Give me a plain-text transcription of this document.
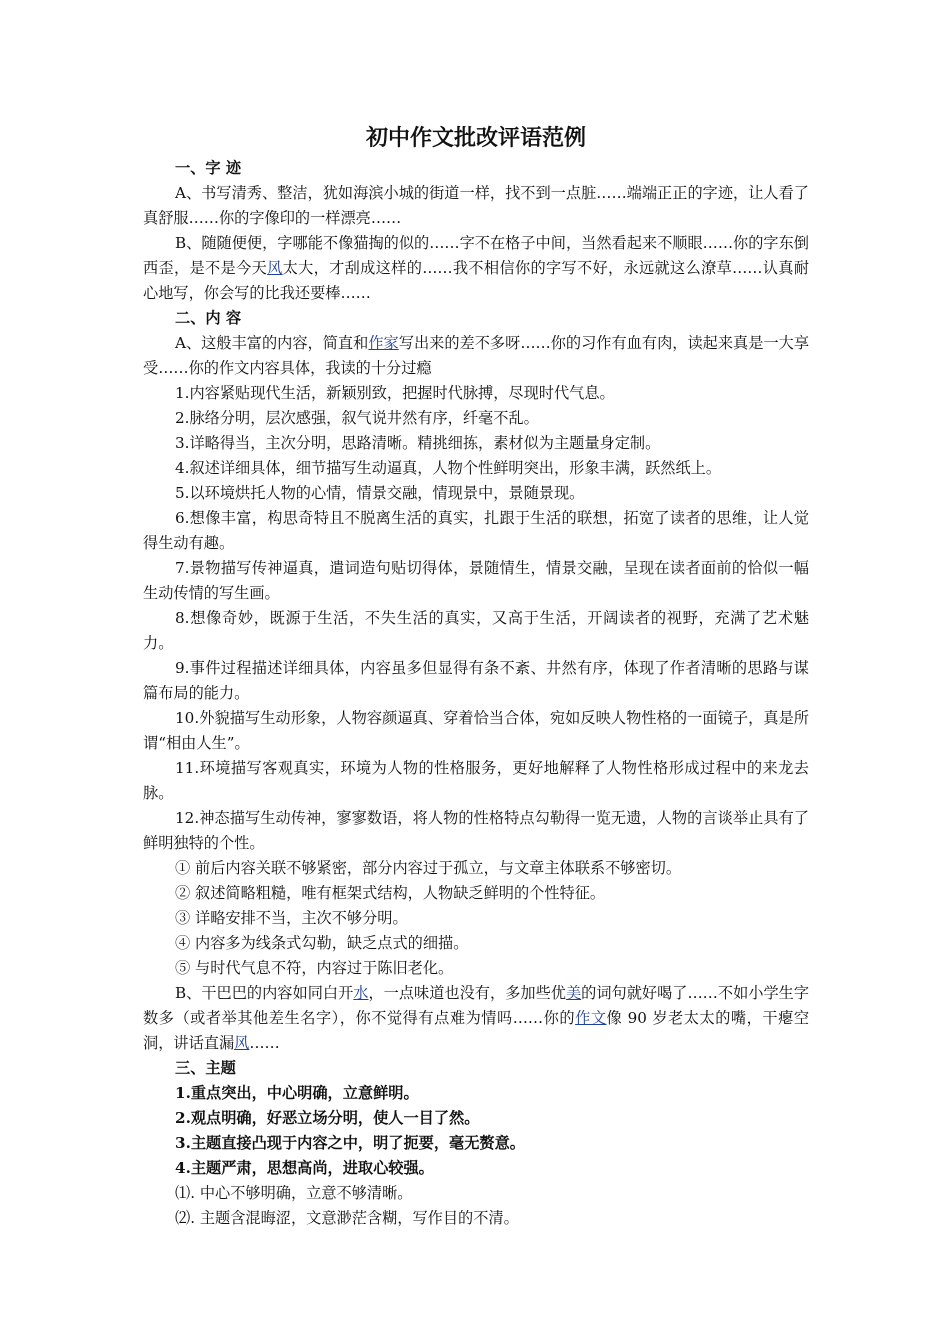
初中作文批改评语范例
一、字 迹

A、书写清秀、整洁，犹如海滨小城的街道一样，找不到一点脏……端端正正的字迹，让人看了真舒服……你的字像印的一样漂亮……

B、随随便便，字哪能不像猫掏的似的……字不在格子中间，当然看起来不顺眼……你的字东倒西歪，是不是今天风太大，才刮成这样的……我不相信你的字写不好，永远就这么潦草……认真耐心地写，你会写的比我还要棒……

二、内 容

A、这般丰富的内容，简直和作家写出来的差不多呀……你的习作有血有肉，读起来真是一大享受……你的作文内容具体，我读的十分过瘾

1.内容紧贴现代生活，新颖别致，把握时代脉搏，尽现时代气息。

2.脉络分明，层次感强，叙气说井然有序，纤毫不乱。

3.详略得当，主次分明，思路清晰。精挑细拣，素材似为主题量身定制。

4.叙述详细具体，细节描写生动逼真，人物个性鲜明突出，形象丰满，跃然纸上。

5.以环境烘托人物的心情，情景交融，情现景中，景随景现。

6.想像丰富，构思奇特且不脱离生活的真实，扎跟于生活的联想，拓宽了读者的思维，让人觉得生动有趣。

7.景物描写传神逼真，遣词造句贴切得体，景随情生，情景交融，呈现在读者面前的恰似一幅生动传情的写生画。

8.想像奇妙，既源于生活，不失生活的真实，又高于生活，开阔读者的视野，充满了艺术魅力。

9.事件过程描述详细具体，内容虽多但显得有条不紊、井然有序，体现了作者清晰的思路与谋篇布局的能力。

10.外貌描写生动形象，人物容颜逼真、穿着恰当合体，宛如反映人物性格的一面镜子，真是所谓“相由人生”。

11.环境描写客观真实，环境为人物的性格服务，更好地解释了人物性格形成过程中的来龙去脉。

12.神态描写生动传神，寥寥数语，将人物的性格特点勾勒得一览无遗，人物的言谈举止具有了鲜明独特的个性。

① 前后内容关联不够紧密，部分内容过于孤立，与文章主体联系不够密切。

② 叙述简略粗糙，唯有框架式结构，人物缺乏鲜明的个性特征。

③ 详略安排不当，主次不够分明。

④ 内容多为线条式勾勒，缺乏点式的细描。

⑤ 与时代气息不符，内容过于陈旧老化。

B、干巴巴的内容如同白开水，一点味道也没有，多加些优美的词句就好喝了……不如小学生字数多（或者举其他差生名字），你不觉得有点难为情吗……你的作文像 90 岁老太太的嘴，干瘪空洞，讲话直漏风……

三、主题

1.重点突出，中心明确，立意鲜明。

2.观点明确，好恶立场分明，使人一目了然。

3.主题直接凸现于内容之中，明了扼要，毫无赘意。

4.主题严肃，思想高尚，进取心较强。

⑴. 中心不够明确，立意不够清晰。

⑵. 主题含混晦涩，文意渺茫含糊，写作目的不清。
